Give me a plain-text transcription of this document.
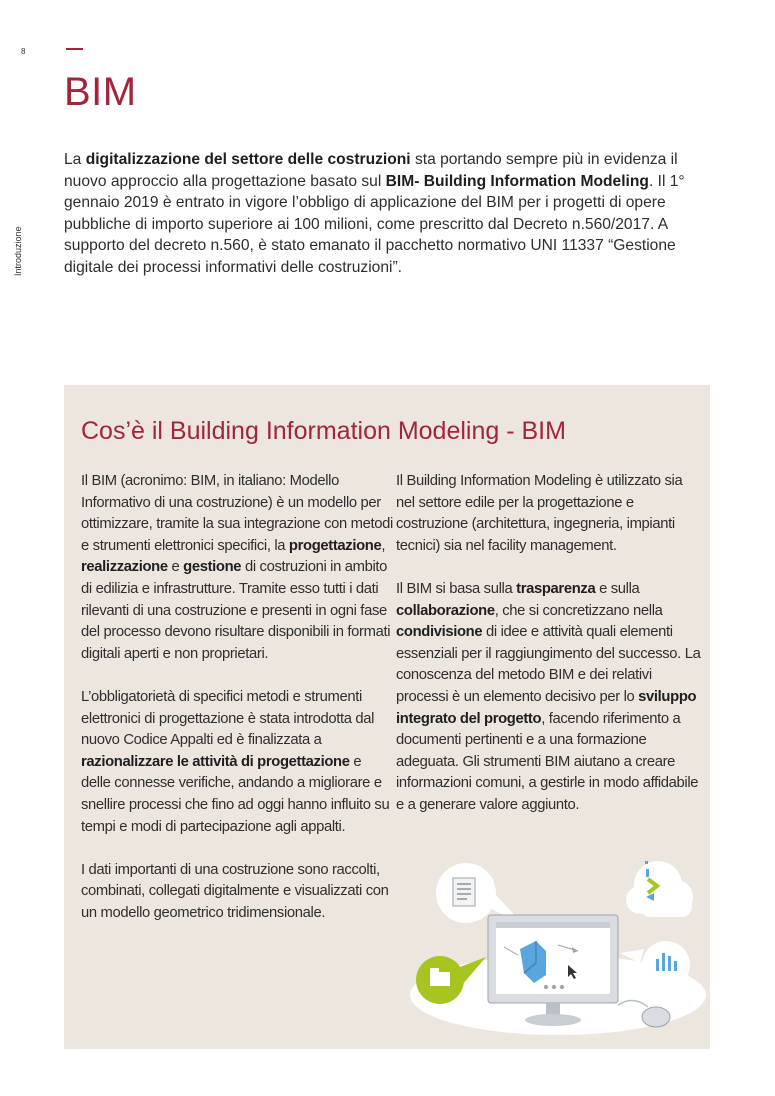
8
Introduzione
BIM

La digitalizzazione del settore delle costruzioni sta portando sempre più in evidenza il nuovo approccio alla progettazione basato sul BIM- Building Information Modeling. Il 1° gennaio 2019 è entrato in vigore l’obbligo di applicazione del BIM per i progetti di opere pubbliche di importo superiore ai 100 milioni, come prescritto dal Decreto n.560/2017. A supporto del decreto n.560, è stato emanato il pacchetto normativo UNI 11337 “Gestione digitale dei processi informativi delle costruzioni”.

Cos’è il Building Information Modeling - BIM

Il BIM (acronimo: BIM, in italiano: Modello Informativo di una costruzione) è un modello per ottimizzare, tramite la sua integrazione con metodi e strumenti elettronici specifici, la progettazione, realizzazione e gestione di costruzioni in ambito di edilizia e infrastrutture. Tramite esso tutti i dati rilevanti di una costruzione e presenti in ogni fase del processo devono risultare disponibili in formati digitali aperti e non proprietari.

L’obbligatorietà di specifici metodi e strumenti elettronici di progettazione è stata introdotta dal nuovo Codice Appalti ed è finalizzata a razionalizzare le attività di progettazione e delle connesse verifiche, andando a migliorare e snellire processi che fino ad oggi hanno influito su tempi e modi di partecipazione agli appalti.

I dati importanti di una costruzione sono raccolti, combinati, collegati digitalmente e visualizzati con un modello geometrico tridimensionale.

Il Building Information Modeling è utilizzato sia nel settore edile per la progettazione e costruzione (architettura, ingegneria, impianti tecnici) sia nel facility management.

Il BIM si basa sulla trasparenza e sulla collaborazione, che si concretizzano nella condivisione di idee e attività quali elementi essenziali per il raggiungimento del successo. La conoscenza del metodo BIM e dei relativi processi è un elemento decisivo per lo sviluppo integrato del progetto, facendo riferimento a documenti pertinenti e a una formazione adeguata. Gli strumenti BIM aiutano a creare informazioni comuni, a gestirle in modo affidabile e a generare valore aggiunto.
